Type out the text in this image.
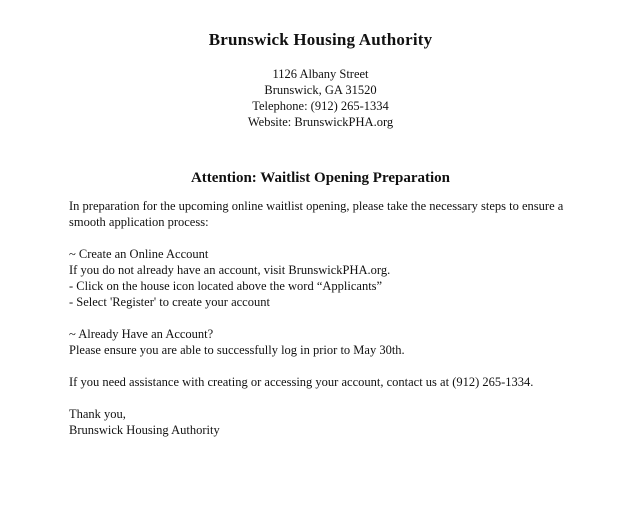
Brunswick Housing Authority
1126 Albany Street
Brunswick, GA 31520
Telephone: (912) 265-1334
Website: BrunswickPHA.org
Attention: Waitlist Opening Preparation
In preparation for the upcoming online waitlist opening, please take the necessary steps to ensure a
smooth application process:
~ Create an Online Account
If you do not already have an account, visit BrunswickPHA.org.
- Click on the house icon located above the word “Applicants”
- Select 'Register' to create your account
~ Already Have an Account?
Please ensure you are able to successfully log in prior to May 30th.
If you need assistance with creating or accessing your account, contact us at (912) 265-1334.
Thank you,
Brunswick Housing Authority
